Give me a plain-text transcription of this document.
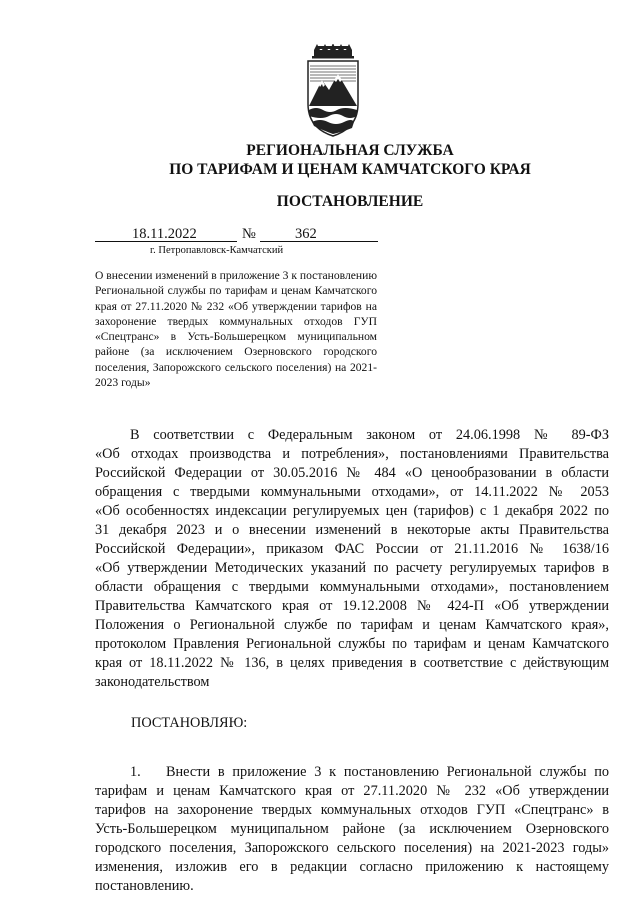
РЕГИОНАЛЬНАЯ СЛУЖБА
ПО ТАРИФАМ И ЦЕНАМ КАМЧАТСКОГО КРАЯ
ПОСТАНОВЛЕНИЕ
18.11.2022	№	362
г. Петропавловск-Камчатский
О внесении изменений в приложение 3 к постановлению Региональной службы по тарифам и ценам Камчатского края от 27.11.2020 № 232 «Об утверждении тарифов на захоронение твердых коммунальных отходов ГУП «Спецтранс» в Усть-Большерецком муниципальном районе (за исключением Озерновского городского поселения, Запорожского сельского поселения) на 2021-2023 годы»
В соответствии с Федеральным законом от 24.06.1998 № 89-ФЗ
«Об отходах производства и потребления», постановлениями Правительства
Российской Федерации от 30.05.2016 № 484 «О ценообразовании в области
обращения с твердыми коммунальными отходами», от 14.11.2022 № 2053
«Об особенностях индексации регулируемых цен (тарифов) с 1 декабря 2022 по
31 декабря 2023 и о внесении изменений в некоторые акты Правительства
Российской Федерации», приказом ФАС России от 21.11.2016 № 1638/16
«Об утверждении Методических указаний по расчету регулируемых тарифов в
области обращения с твердыми коммунальными отходами», постановлением
Правительства Камчатского края от 19.12.2008 № 424-П «Об утверждении
Положения о Региональной службе по тарифам и ценам Камчатского края»,
протоколом Правления Региональной службы по тарифам и ценам Камчатского
края от 18.11.2022 № 136, в целях приведения в соответствие с действующим
законодательством
ПОСТАНОВЛЯЮ:
1. Внести в приложение 3 к постановлению Региональной службы по
тарифам и ценам Камчатского края от 27.11.2020 № 232 «Об утверждении
тарифов на захоронение твердых коммунальных отходов ГУП «Спецтранс» в
Усть-Большерецком муниципальном районе (за исключением Озерновского
городского поселения, Запорожского сельского поселения) на 2021-2023 годы»
изменения, изложив его в редакции согласно приложению к настоящему
постановлению.
